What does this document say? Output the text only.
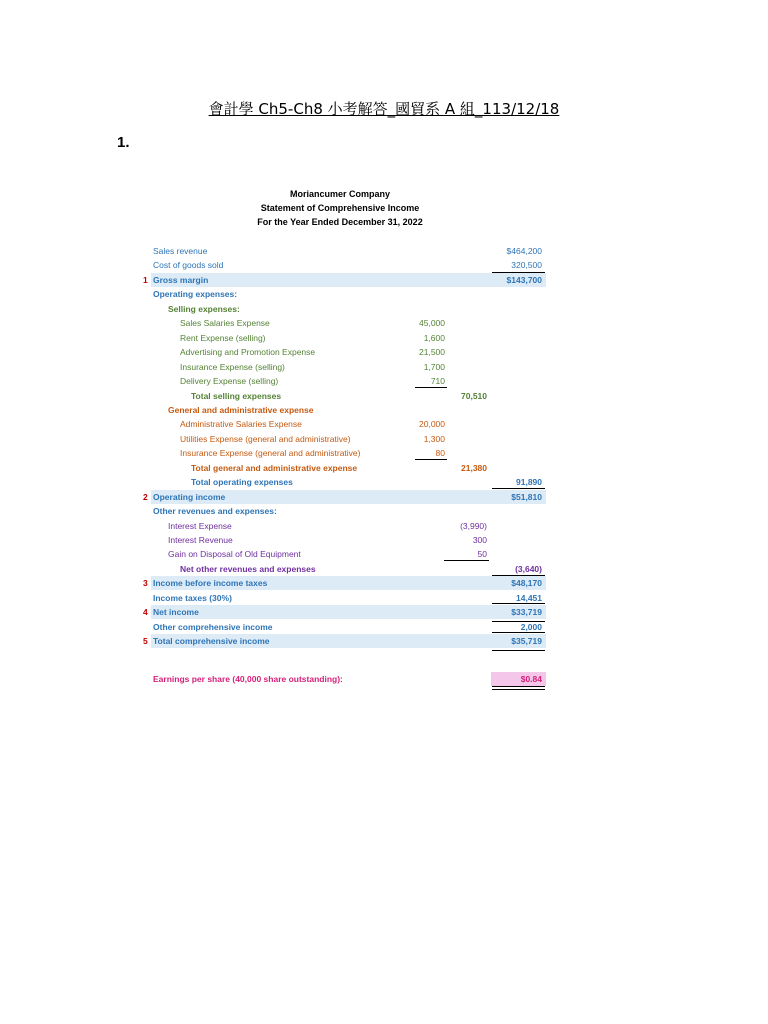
會計學 Ch5-Ch8 小考解答_國貿系 A 組_113/12/18
1.
Moriancumer Company
Statement of Comprehensive Income
For the Year Ended December 31, 2022
Sales revenue	$464,200
Cost of goods sold	320,500
1 Gross margin	$143,700
Operating expenses:
Selling expenses:
Sales Salaries Expense	45,000
Rent Expense (selling)	1,600
Advertising and Promotion Expense	21,500
Insurance Expense (selling)	1,700
Delivery Expense (selling)	710
Total selling expenses	70,510
General and administrative expense
Administrative Salaries Expense	20,000
Utilities Expense (general and administrative)	1,300
Insurance Expense (general and administrative)	80
Total general and administrative expense	21,380
Total operating expenses	91,890
2 Operating income	$51,810
Other revenues and expenses:
Interest Expense	(3,990)
Interest Revenue	300
Gain on Disposal of Old Equipment	50
Net other revenues and expenses	(3,640)
3 Income before income taxes	$48,170
Income taxes (30%)	14,451
4 Net income	$33,719
Other comprehensive income	2,000
5 Total comprehensive income	$35,719
Earnings per share (40,000 share outstanding):	$0.84
